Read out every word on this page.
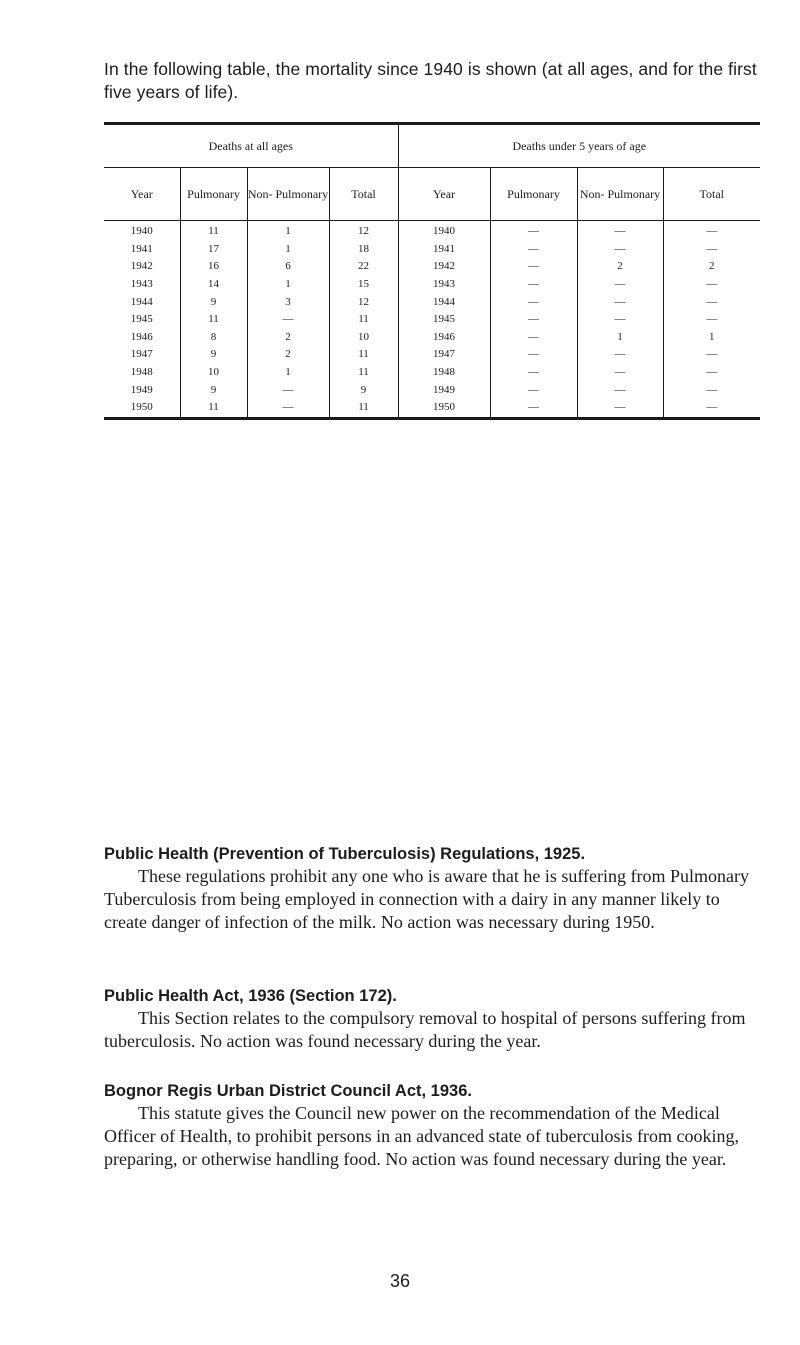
In the following table, the mortality since 1940 is shown (at all ages, and for the first five years of life).

Deaths at all ages				Deaths under 5 years of age			
Year	Pulmonary	Non- Pulmonary	Total	Year	Pulmonary	Non- Pulmonary	Total
1940	11	1	12	1940	—	—	—
1941	17	1	18	1941	—	—	—
1942	16	6	22	1942	—	2	2
1943	14	1	15	1943	—	—	—
1944	9	3	12	1944	—	—	—
1945	11	—	11	1945	—	—	—
1946	8	2	10	1946	—	1	1
1947	9	2	11	1947	—	—	—
1948	10	1	11	1948	—	—	—
1949	9	—	9	1949	—	—	—
1950	11	—	11	1950	—	—	—
Public Health (Prevention of Tuberculosis) Regulations, 1925.

These regulations prohibit any one who is aware that he is suffering from Pulmonary Tuberculosis from being employed in connection with a dairy in any manner likely to create danger of infection of the milk. No action was necessary during 1950.

Public Health Act, 1936 (Section 172).

This Section relates to the compulsory removal to hospital of persons suffering from tuberculosis. No action was found necessary during the year.

Bognor Regis Urban District Council Act, 1936.

This statute gives the Council new power on the recommendation of the Medical Officer of Health, to prohibit persons in an advanced state of tuberculosis from cooking, preparing, or otherwise handling food. No action was found necessary during the year.

36
